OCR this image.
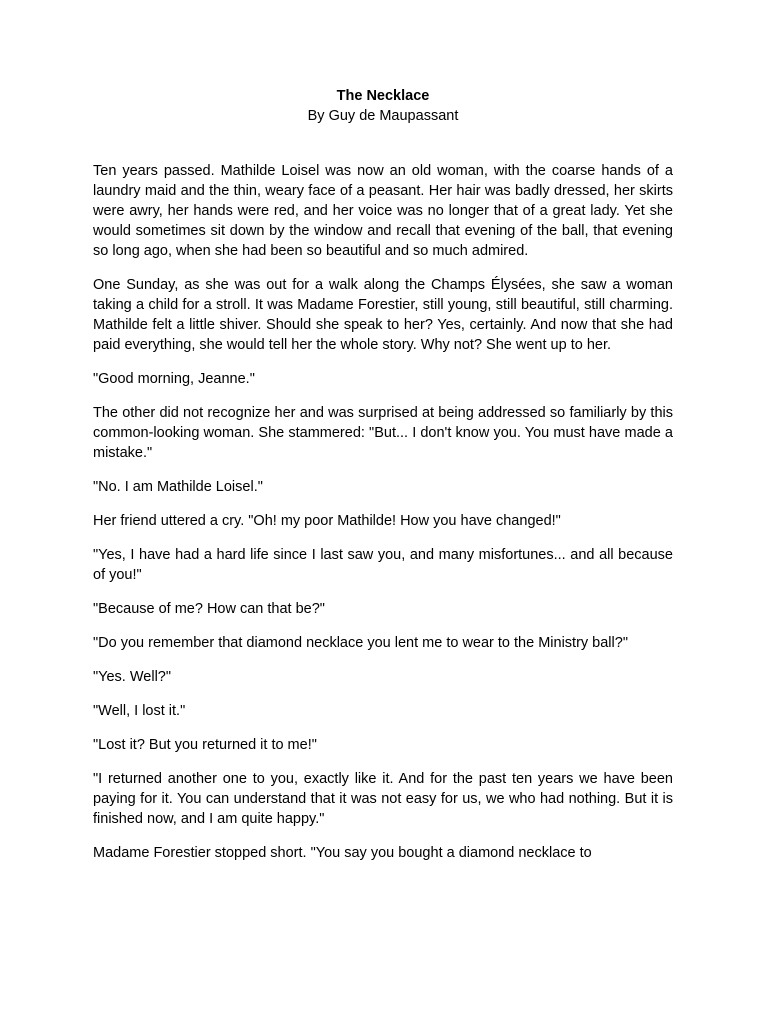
The Necklace

By Guy de Maupassant

Ten years passed. Mathilde Loisel was now an old woman, with the coarse hands of a laundry maid and the thin, weary face of a peasant. Her hair was badly dressed, her skirts were awry, her hands were red, and her voice was no longer that of a great lady. Yet she would sometimes sit down by the window and recall that evening of the ball, that evening so long ago, when she had been so beautiful and so much admired.

One Sunday, as she was out for a walk along the Champs Élysées, she saw a woman taking a child for a stroll. It was Madame Forestier, still young, still beautiful, still charming. Mathilde felt a little shiver. Should she speak to her? Yes, certainly. And now that she had paid everything, she would tell her the whole story. Why not? She went up to her.

"Good morning, Jeanne."

The other did not recognize her and was surprised at being addressed so familiarly by this common-looking woman. She stammered: "But... I don't know you. You must have made a mistake."

"No. I am Mathilde Loisel."

Her friend uttered a cry. "Oh! my poor Mathilde! How you have changed!"

"Yes, I have had a hard life since I last saw you, and many misfortunes... and all because of you!"

"Because of me? How can that be?"

"Do you remember that diamond necklace you lent me to wear to the Ministry ball?"

"Yes. Well?"

"Well, I lost it."

"Lost it? But you returned it to me!"

"I returned another one to you, exactly like it. And for the past ten years we have been paying for it. You can understand that it was not easy for us, we who had nothing. But it is finished now, and I am quite happy."

Madame Forestier stopped short. "You say you bought a diamond necklace to
